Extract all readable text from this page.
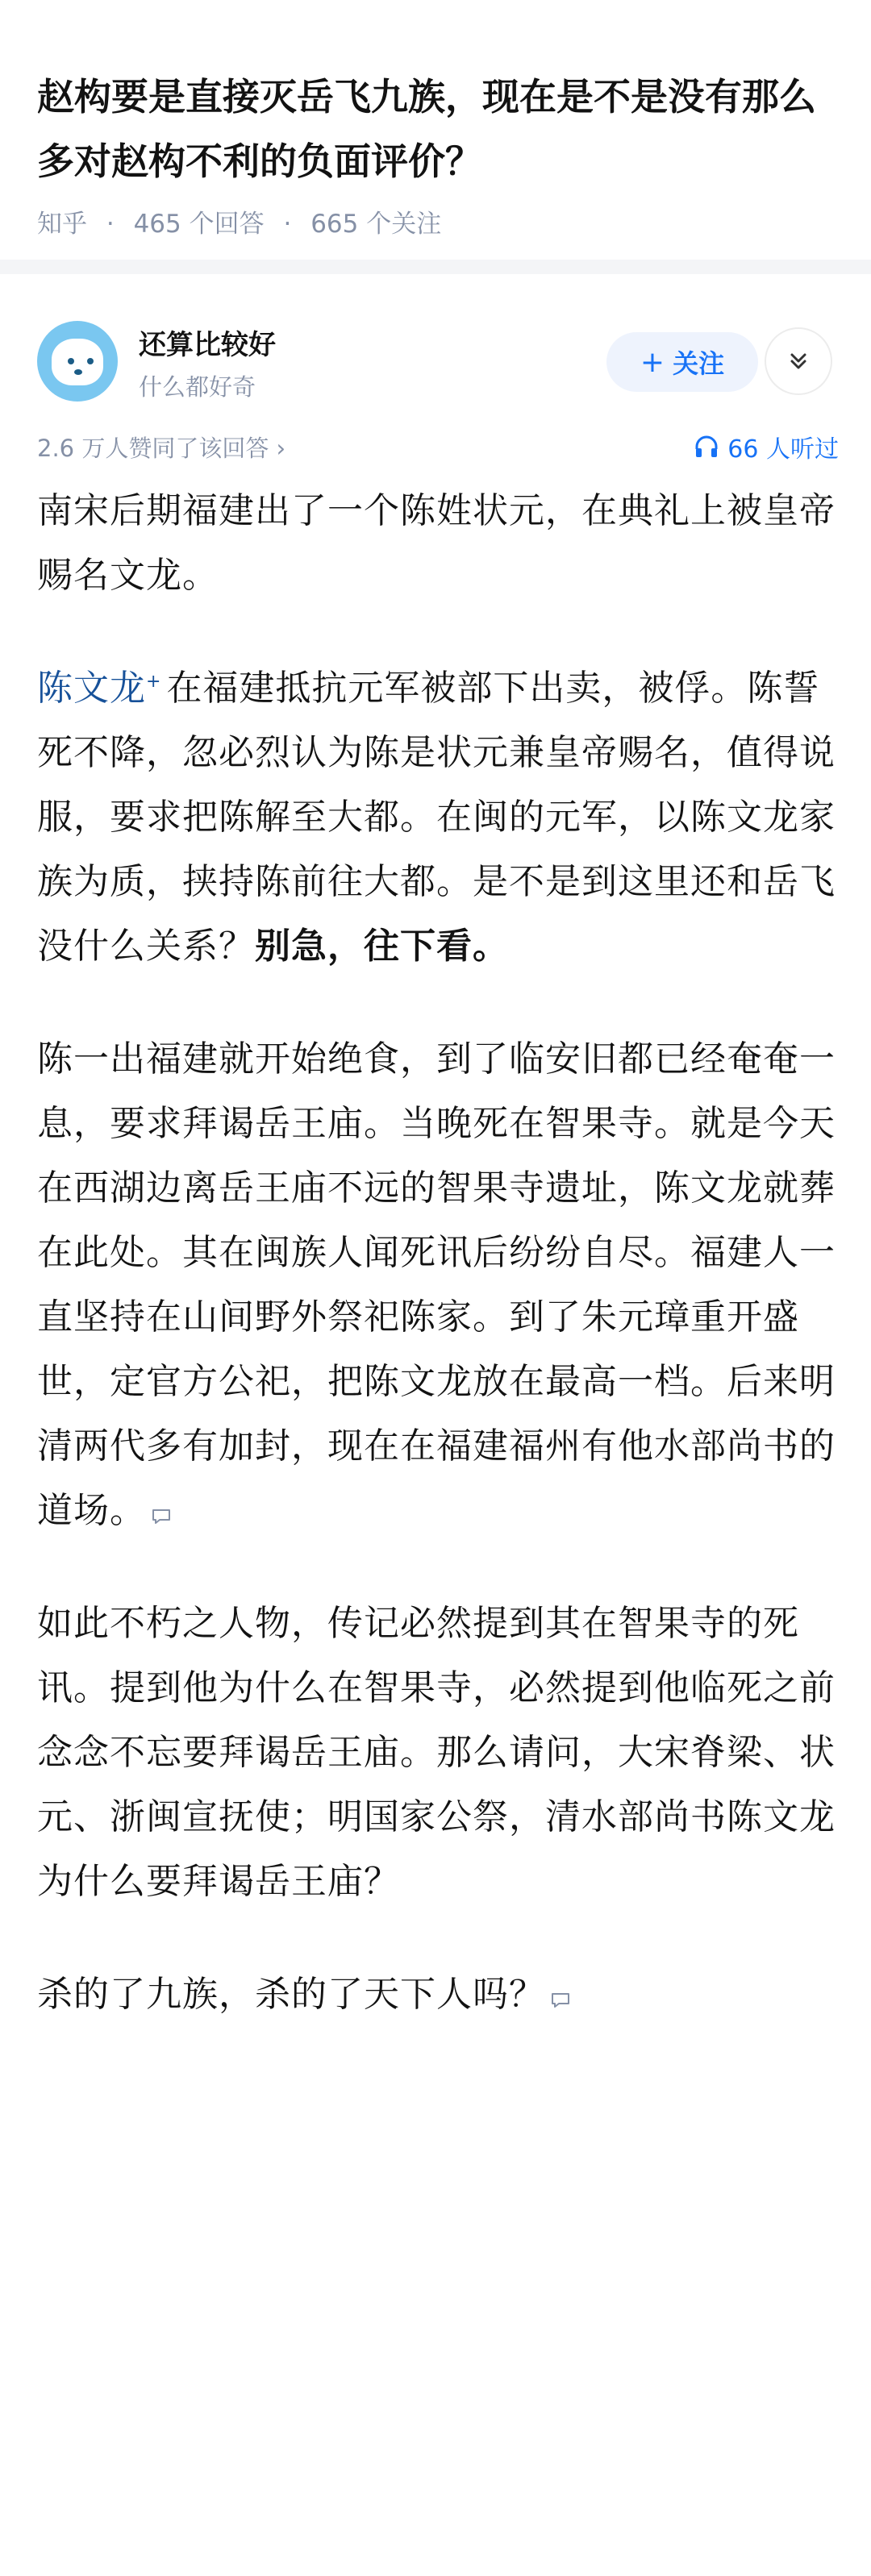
赵构要是直接灭岳飞九族，现在是不是没有那么多对赵构不利的负面评价？
知乎 · 465 个回答 · 665 个关注
还算比较好
什么都好奇
+ 关注
2.6 万人赞同了该回答 ›	66 人听过

南宋后期福建出了一个陈姓状元，在典礼上被皇帝赐名文龙。

陈文龙+ 在福建抵抗元军被部下出卖，被俘。陈誓死不降，忽必烈认为陈是状元兼皇帝赐名，值得说服，要求把陈解至大都。在闽的元军，以陈文龙家族为质，挟持陈前往大都。是不是到这里还和岳飞没什么关系？别急，往下看。

陈一出福建就开始绝食，到了临安旧都已经奄奄一息，要求拜谒岳王庙。当晚死在智果寺。就是今天在西湖边离岳王庙不远的智果寺遗址，陈文龙就葬在此处。其在闽族人闻死讯后纷纷自尽。福建人一直坚持在山间野外祭祀陈家。到了朱元璋重开盛世，定官方公祀，把陈文龙放在最高一档。后来明清两代多有加封，现在在福建福州有他水部尚书的道场。

如此不朽之人物，传记必然提到其在智果寺的死讯。提到他为什么在智果寺，必然提到他临死之前念念不忘要拜谒岳王庙。那么请问，大宋脊梁、状元、浙闽宣抚使；明国家公祭，清水部尚书陈文龙为什么要拜谒岳王庙？

杀的了九族，杀的了天下人吗？
